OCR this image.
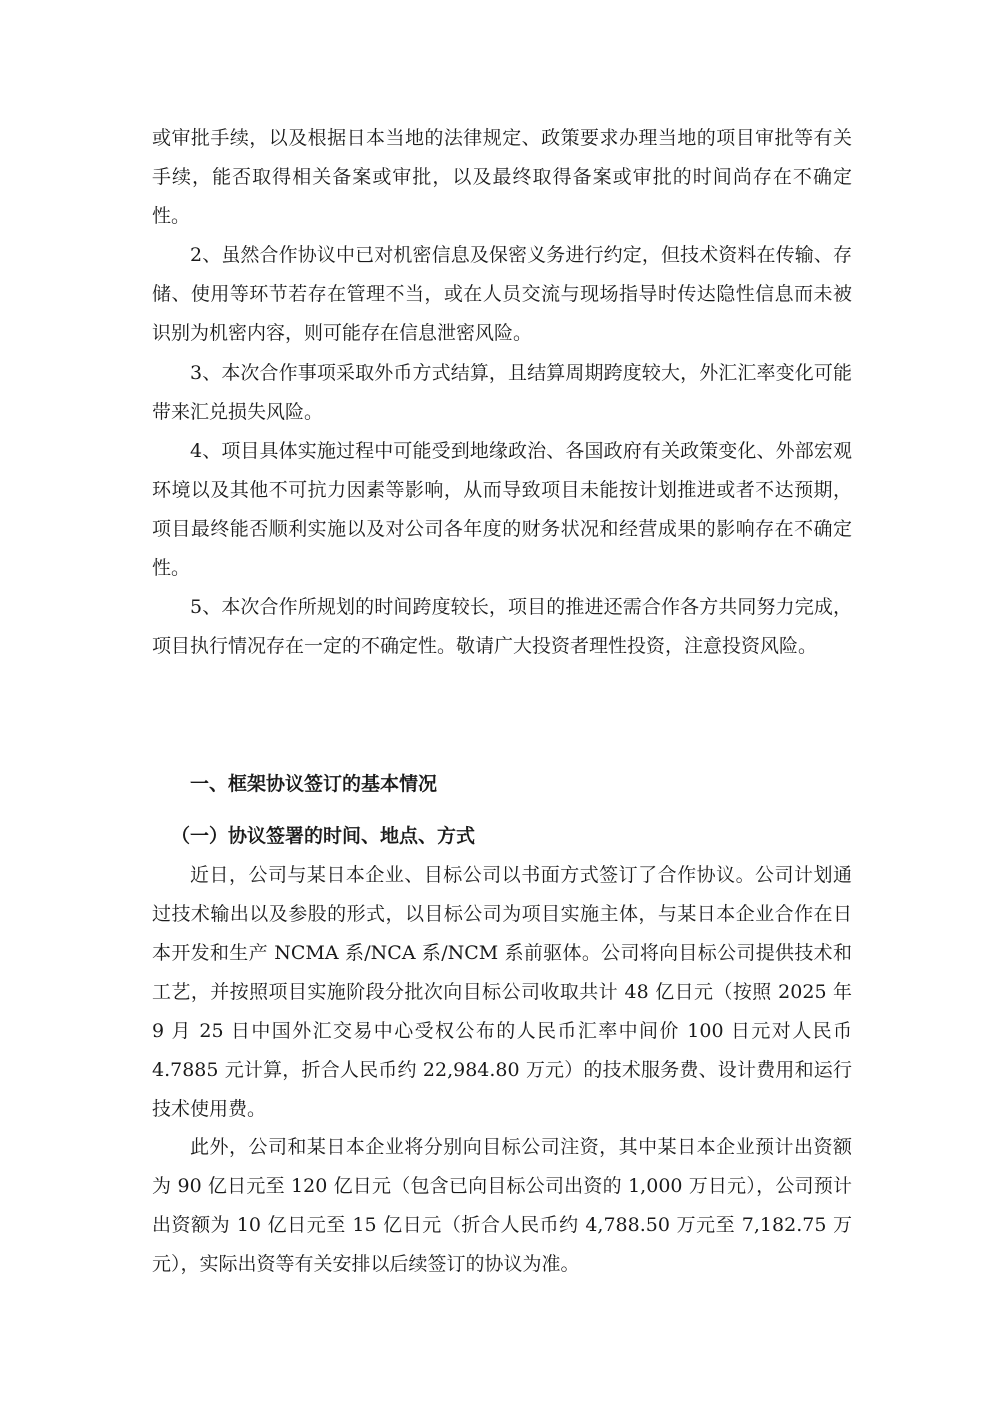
或审批手续，以及根据日本当地的法律规定、政策要求办理当地的项目审批等有关手续，能否取得相关备案或审批，以及最终取得备案或审批的时间尚存在不确定性。

2、虽然合作协议中已对机密信息及保密义务进行约定，但技术资料在传输、存储、使用等环节若存在管理不当，或在人员交流与现场指导时传达隐性信息而未被识别为机密内容，则可能存在信息泄密风险。

3、本次合作事项采取外币方式结算，且结算周期跨度较大，外汇汇率变化可能带来汇兑损失风险。

4、项目具体实施过程中可能受到地缘政治、各国政府有关政策变化、外部宏观环境以及其他不可抗力因素等影响，从而导致项目未能按计划推进或者不达预期，项目最终能否顺利实施以及对公司各年度的财务状况和经营成果的影响存在不确定性。

5、本次合作所规划的时间跨度较长，项目的推进还需合作各方共同努力完成，项目执行情况存在一定的不确定性。敬请广大投资者理性投资，注意投资风险。

一、框架协议签订的基本情况
（一）协议签署的时间、地点、方式

近日，公司与某日本企业、目标公司以书面方式签订了合作协议。公司计划通过技术输出以及参股的形式，以目标公司为项目实施主体，与某日本企业合作在日本开发和生产 NCMA 系/NCA 系/NCM 系前驱体。公司将向目标公司提供技术和工艺，并按照项目实施阶段分批次向目标公司收取共计 48 亿日元（按照 2025 年 9 月 25 日中国外汇交易中心受权公布的人民币汇率中间价 100 日元对人民币 4.7885 元计算，折合人民币约 22,984.80 万元）的技术服务费、设计费用和运行技术使用费。

此外，公司和某日本企业将分别向目标公司注资，其中某日本企业预计出资额为 90 亿日元至 120 亿日元（包含已向目标公司出资的 1,000 万日元），公司预计出资额为 10 亿日元至 15 亿日元（折合人民币约 4,788.50 万元至 7,182.75 万元），实际出资等有关安排以后续签订的协议为准。
